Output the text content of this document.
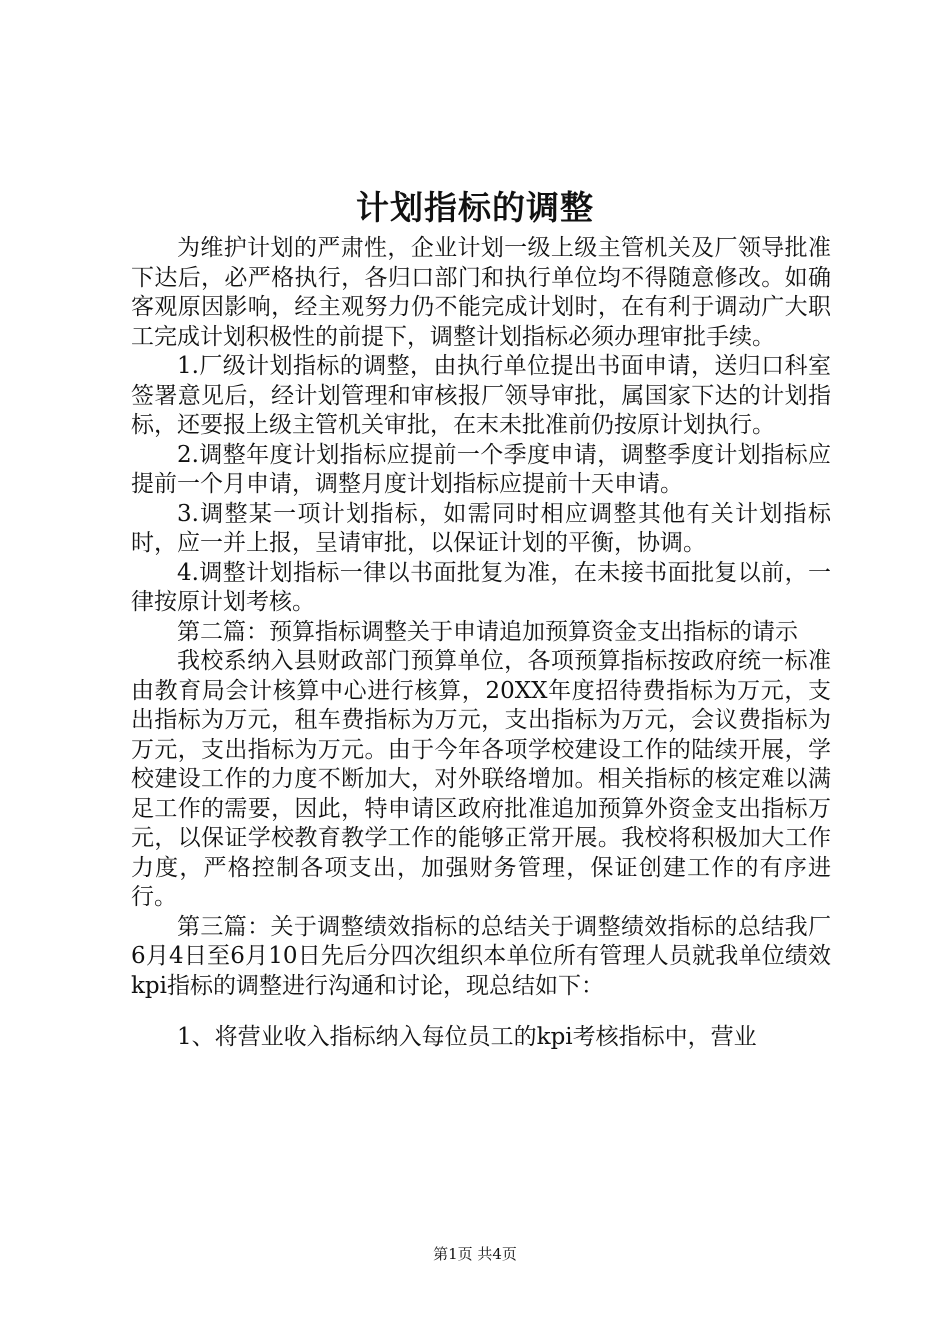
计划指标的调整

为维护计划的严肃性，企业计划一级上级主管机关及厂领导批准下达后，必严格执行，各归口部门和执行单位均不得随意修改。如确客观原因影响，经主观努力仍不能完成计划时，在有利于调动广大职工完成计划积极性的前提下，调整计划指标必须办理审批手续。

1.厂级计划指标的调整，由执行单位提出书面申请，送归口科室签署意见后，经计划管理和审核报厂领导审批，属国家下达的计划指标，还要报上级主管机关审批，在末未批准前仍按原计划执行。

2.调整年度计划指标应提前一个季度申请，调整季度计划指标应提前一个月申请，调整月度计划指标应提前十天申请。

3.调整某一项计划指标，如需同时相应调整其他有关计划指标时，应一并上报，呈请审批，以保证计划的平衡，协调。

4.调整计划指标一律以书面批复为准，在未接书面批复以前，一律按原计划考核。

第二篇：预算指标调整关于申请追加预算资金支出指标的请示

我校系纳入县财政部门预算单位，各项预算指标按政府统一标准由教育局会计核算中心进行核算，20XX年度招待费指标为万元，支出指标为万元，租车费指标为万元，支出指标为万元，会议费指标为万元，支出指标为万元。由于今年各项学校建设工作的陆续开展，学校建设工作的力度不断加大，对外联络增加。相关指标的核定难以满足工作的需要，因此，特申请区政府批准追加预算外资金支出指标万元，以保证学校教育教学工作的能够正常开展。我校将积极加大工作力度，严格控制各项支出，加强财务管理，保证创建工作的有序进行。

第三篇：关于调整绩效指标的总结关于调整绩效指标的总结我厂6月4日至6月10日先后分四次组织本单位所有管理人员就我单位绩效kpi指标的调整进行沟通和讨论，现总结如下：

1、将营业收入指标纳入每位员工的kpi考核指标中，营业

第1页 共4页
